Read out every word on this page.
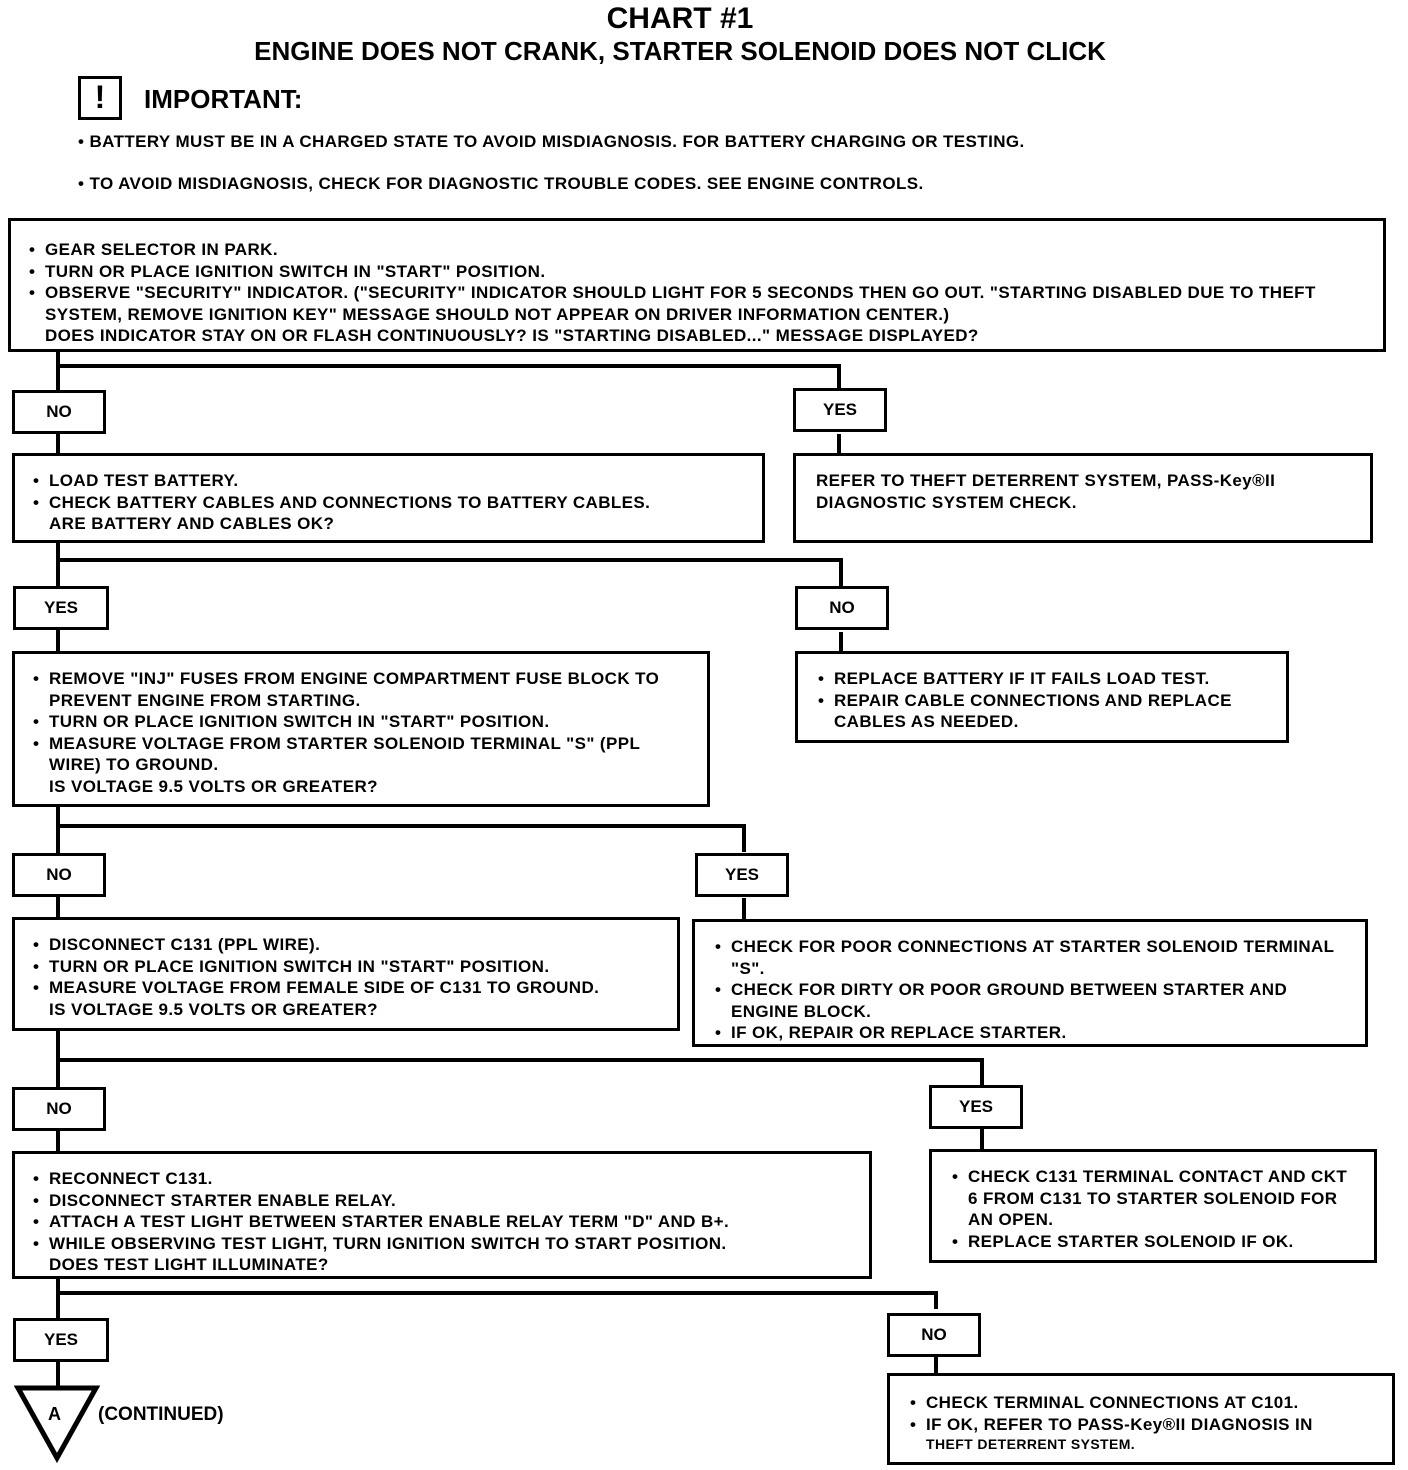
CHART #1
ENGINE DOES NOT CRANK, STARTER SOLENOID DOES NOT CLICK
!	IMPORTANT:
• BATTERY MUST BE IN A CHARGED STATE TO AVOID MISDIAGNOSIS. FOR BATTERY CHARGING OR TESTING.
• TO AVOID MISDIAGNOSIS, CHECK FOR DIAGNOSTIC TROUBLE CODES. SEE ENGINE CONTROLS.
• GEAR SELECTOR IN PARK.
• TURN OR PLACE IGNITION SWITCH IN "START" POSITION.
• OBSERVE "SECURITY" INDICATOR. ("SECURITY" INDICATOR SHOULD LIGHT FOR 5 SECONDS THEN GO OUT. "STARTING DISABLED DUE TO THEFT SYSTEM, REMOVE IGNITION KEY" MESSAGE SHOULD NOT APPEAR ON DRIVER INFORMATION CENTER.)
DOES INDICATOR STAY ON OR FLASH CONTINUOUSLY? IS "STARTING DISABLED..." MESSAGE DISPLAYED?
NO	YES
REFER TO THEFT DETERRENT SYSTEM, PASS-Key®II DIAGNOSTIC SYSTEM CHECK.
• LOAD TEST BATTERY.
• CHECK BATTERY CABLES AND CONNECTIONS TO BATTERY CABLES.
ARE BATTERY AND CABLES OK?
YES	NO
• REPLACE BATTERY IF IT FAILS LOAD TEST.
• REPAIR CABLE CONNECTIONS AND REPLACE CABLES AS NEEDED.
• REMOVE "INJ" FUSES FROM ENGINE COMPARTMENT FUSE BLOCK TO PREVENT ENGINE FROM STARTING.
• TURN OR PLACE IGNITION SWITCH IN "START" POSITION.
• MEASURE VOLTAGE FROM STARTER SOLENOID TERMINAL "S" (PPL WIRE) TO GROUND.
IS VOLTAGE 9.5 VOLTS OR GREATER?
NO	YES
• CHECK FOR POOR CONNECTIONS AT STARTER SOLENOID TERMINAL "S".
• CHECK FOR DIRTY OR POOR GROUND BETWEEN STARTER AND ENGINE BLOCK.
• IF OK, REPAIR OR REPLACE STARTER.
• DISCONNECT C131 (PPL WIRE).
• TURN OR PLACE IGNITION SWITCH IN "START" POSITION.
• MEASURE VOLTAGE FROM FEMALE SIDE OF C131 TO GROUND.
IS VOLTAGE 9.5 VOLTS OR GREATER?
NO	YES
• CHECK C131 TERMINAL CONTACT AND CKT 6 FROM C131 TO STARTER SOLENOID FOR AN OPEN.
• REPLACE STARTER SOLENOID IF OK.
• RECONNECT C131.
• DISCONNECT STARTER ENABLE RELAY.
• ATTACH A TEST LIGHT BETWEEN STARTER ENABLE RELAY TERM "D" AND B+.
• WHILE OBSERVING TEST LIGHT, TURN IGNITION SWITCH TO START POSITION.
DOES TEST LIGHT ILLUMINATE?
YES	NO
• CHECK TERMINAL CONNECTIONS AT C101.
• IF OK, REFER TO PASS-Key®II DIAGNOSIS IN
THEFT DETERRENT SYSTEM.
A (CONTINUED)
